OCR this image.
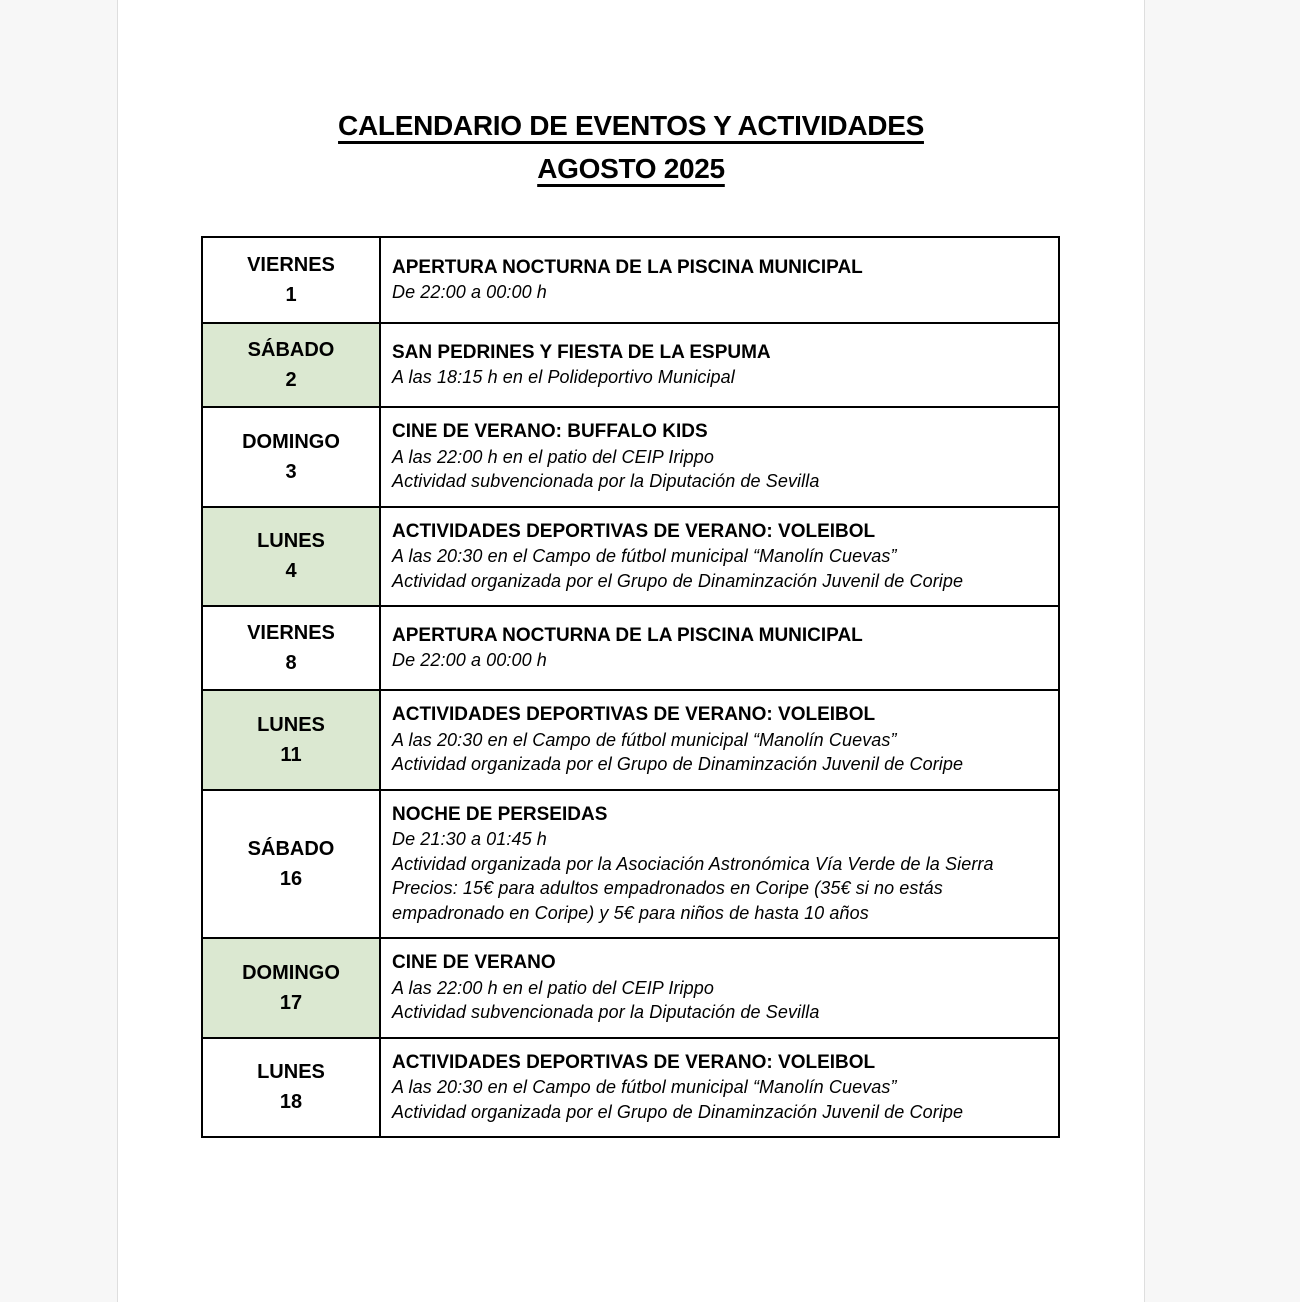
CALENDARIO DE EVENTOS Y ACTIVIDADES
AGOSTO 2025
VIERNES
1
APERTURA NOCTURNA DE LA PISCINA MUNICIPAL
De 22:00 a 00:00 h
SÁBADO
2
SAN PEDRINES Y FIESTA DE LA ESPUMA
A las 18:15 h en el Polideportivo Municipal
DOMINGO
3
CINE DE VERANO: BUFFALO KIDS
A las 22:00 h en el patio del CEIP Irippo
Actividad subvencionada por la Diputación de Sevilla
LUNES
4
ACTIVIDADES DEPORTIVAS DE VERANO: VOLEIBOL
A las 20:30 en el Campo de fútbol municipal “Manolín Cuevas”
Actividad organizada por el Grupo de Dinaminzación Juvenil de Coripe
VIERNES
8
APERTURA NOCTURNA DE LA PISCINA MUNICIPAL
De 22:00 a 00:00 h
LUNES
11
ACTIVIDADES DEPORTIVAS DE VERANO: VOLEIBOL
A las 20:30 en el Campo de fútbol municipal “Manolín Cuevas”
Actividad organizada por el Grupo de Dinaminzación Juvenil de Coripe
SÁBADO
16
NOCHE DE PERSEIDAS
De 21:30 a 01:45 h
Actividad organizada por la Asociación Astronómica Vía Verde de la Sierra
Precios: 15€ para adultos empadronados en Coripe (35€ si no estás
empadronado en Coripe) y 5€ para niños de hasta 10 años
DOMINGO
17
CINE DE VERANO
A las 22:00 h en el patio del CEIP Irippo
Actividad subvencionada por la Diputación de Sevilla
LUNES
18
ACTIVIDADES DEPORTIVAS DE VERANO: VOLEIBOL
A las 20:30 en el Campo de fútbol municipal “Manolín Cuevas”
Actividad organizada por el Grupo de Dinaminzación Juvenil de Coripe
